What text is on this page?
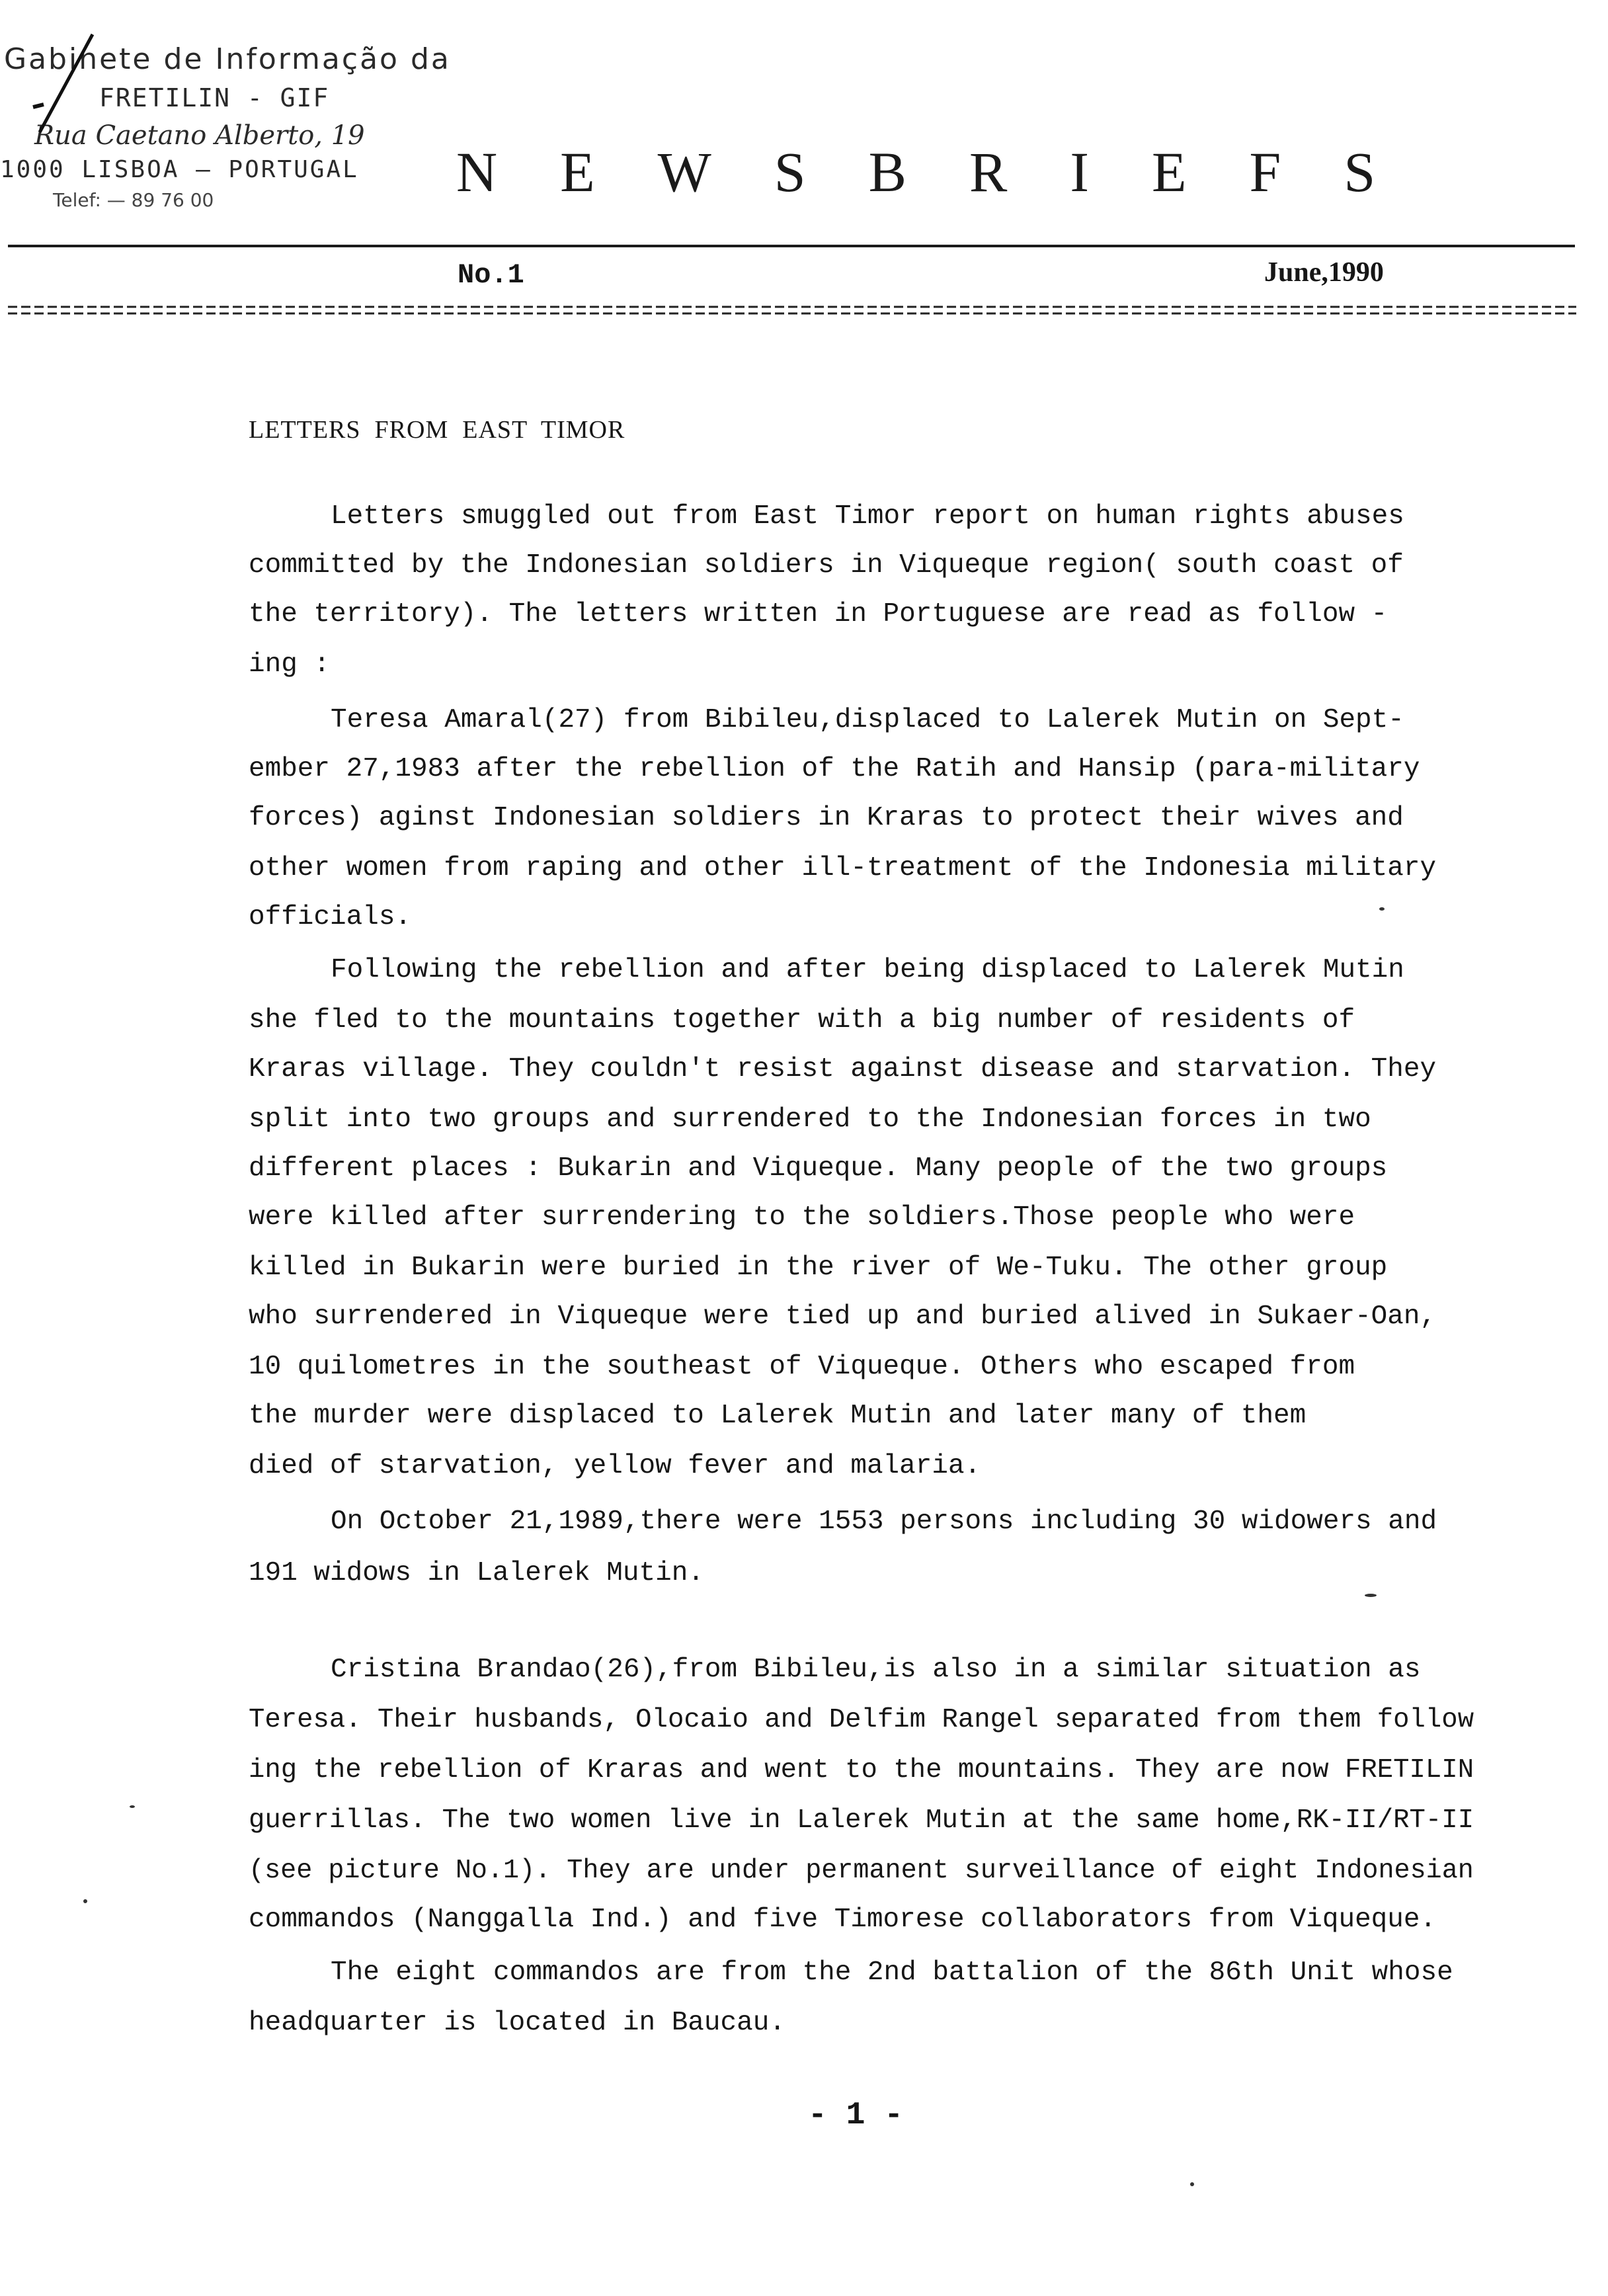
Gabinete de Informação da
FRETILIN - GIF
Rua Caetano Alberto, 19
1000 LISBOA — PORTUGAL
Telef: — 89 76 00	NEWSBRIEFS
No.1	June,1990
LETTERS  FROM  EAST  TIMOR
Letters smuggled out from East Timor report on human rights abuses
committed by the Indonesian soldiers in Viqueque region( south coast of
the territory). The letters written in Portuguese are read as follow -
ing :
Teresa Amaral(27) from Bibileu,displaced to Lalerek Mutin on Sept-
ember 27,1983 after the rebellion of the Ratih and Hansip (para-military
forces) aginst Indonesian soldiers in Kraras to protect their wives and
other women from raping and other ill-treatment of the Indonesia military
officials.
Following the rebellion and after being displaced to Lalerek Mutin
she fled to the mountains together with a big number of residents of
Kraras village. They couldn't resist against disease and starvation. They
split into two groups and surrendered to the Indonesian forces in two
different places : Bukarin and Viqueque. Many people of the two groups
were killed after surrendering to the soldiers.Those people who were
killed in Bukarin were buried in the river of We-Tuku. The other group
who surrendered in Viqueque were tied up and buried alived in Sukaer-Oan,
10 quilometres in the southeast of Viqueque. Others who escaped from
the murder were displaced to Lalerek Mutin and later many of them
died of starvation, yellow fever and malaria.
On October 21,1989,there were 1553 persons including 30 widowers and
191 widows in Lalerek Mutin.
Cristina Brandao(26),from Bibileu,is also in a similar situation as
Teresa. Their husbands, Olocaio and Delfim Rangel separated from them follow
ing the rebellion of Kraras and went to the mountains. They are now FRETILIN
guerrillas. The two women live in Lalerek Mutin at the same home,RK-II/RT-II
(see picture No.1). They are under permanent surveillance of eight Indonesian
commandos (Nanggalla Ind.) and five Timorese collaborators from Viqueque.
The eight commandos are from the 2nd battalion of the 86th Unit whose
headquarter is located in Baucau.
- 1 -
